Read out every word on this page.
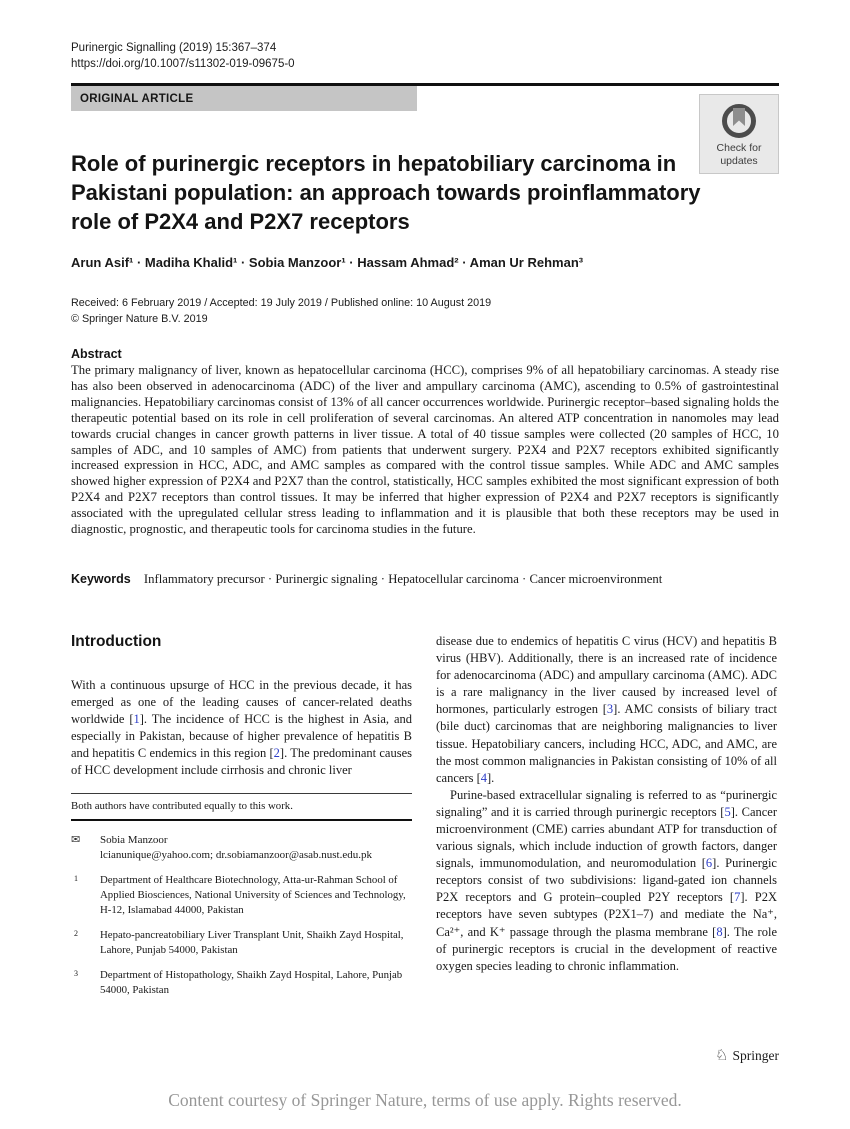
Purinergic Signalling (2019) 15:367–374
https://doi.org/10.1007/s11302-019-09675-0
ORIGINAL ARTICLE
Role of purinergic receptors in hepatobiliary carcinoma in Pakistani population: an approach towards proinflammatory role of P2X4 and P2X7 receptors
Arun Asif¹ · Madiha Khalid¹ · Sobia Manzoor¹ · Hassam Ahmad² · Aman Ur Rehman³
Received: 6 February 2019 / Accepted: 19 July 2019 / Published online: 10 August 2019
© Springer Nature B.V. 2019
Abstract
The primary malignancy of liver, known as hepatocellular carcinoma (HCC), comprises 9% of all hepatobiliary carcinomas. A steady rise has also been observed in adenocarcinoma (ADC) of the liver and ampullary carcinoma (AMC), ascending to 0.5% of gastrointestinal malignancies. Hepatobiliary carcinomas consist of 13% of all cancer occurrences worldwide. Purinergic receptor–based signaling holds the therapeutic potential based on its role in cell proliferation of several carcinomas. An altered ATP concentration in nanomoles may lead towards crucial changes in cancer growth patterns in liver tissue. A total of 40 tissue samples were collected (20 samples of HCC, 10 samples of ADC, and 10 samples of AMC) from patients that underwent surgery. P2X4 and P2X7 receptors exhibited significantly increased expression in HCC, ADC, and AMC samples as compared with the control tissue samples. While ADC and AMC samples showed higher expression of P2X4 and P2X7 than the control, statistically, HCC samples exhibited the most significant expression of both P2X4 and P2X7 receptors than control tissues. It may be inferred that higher expression of P2X4 and P2X7 receptors is significantly associated with the upregulated cellular stress leading to inflammation and it is plausible that both these receptors may be used in diagnostic, prognostic, and therapeutic tools for carcinoma studies in the future.
Keywords Inflammatory precursor · Purinergic signaling · Hepatocellular carcinoma · Cancer microenvironment
Introduction

With a continuous upsurge of HCC in the previous decade, it has emerged as one of the leading causes of cancer-related deaths worldwide [1]. The incidence of HCC is the highest in Asia, and especially in Pakistan, because of higher prevalence of hepatitis B and hepatitis C endemics in this region [2]. The predominant causes of HCC development include cirrhosis and chronic liver

Both authors have contributed equally to this work.
✉	Sobia Manzoor
lcianunique@yahoo.com; dr.sobiamanzoor@asab.nust.edu.pk
1	Department of Healthcare Biotechnology, Atta-ur-Rahman School of Applied Biosciences, National University of Sciences and Technology, H-12, Islamabad 44000, Pakistan
2	Hepato-pancreatobiliary Liver Transplant Unit, Shaikh Zayd Hospital, Lahore, Punjab 54000, Pakistan
3	Department of Histopathology, Shaikh Zayd Hospital, Lahore, Punjab 54000, Pakistan

disease due to endemics of hepatitis C virus (HCV) and hepatitis B virus (HBV). Additionally, there is an increased rate of incidence for adenocarcinoma (ADC) and ampullary carcinoma (AMC). ADC is a rare malignancy in the liver caused by increased level of hormones, particularly estrogen [3]. AMC consists of biliary tract (bile duct) carcinomas that are neighboring malignancies to liver tissue. Hepatobiliary cancers, including HCC, ADC, and AMC, are the most common malignancies in Pakistan consisting of 10% of all cancers [4].

Purine-based extracellular signaling is referred to as “purinergic signaling” and it is carried through purinergic receptors [5]. Cancer microenvironment (CME) carries abundant ATP for transduction of various signals, which include induction of growth factors, danger signals, immunomodulation, and neuromodulation [6]. Purinergic receptors consist of two subdivisions: ligand-gated ion channels P2X receptors and G protein–coupled P2Y receptors [7]. P2X receptors have seven subtypes (P2X1–7) and mediate the Na⁺, Ca²⁺, and K⁺ passage through the plasma membrane [8]. The role of purinergic receptors is crucial in the development of reactive oxygen species leading to chronic inflammation.

Check for
updates
♘ Springer
Content courtesy of Springer Nature, terms of use apply. Rights reserved.
